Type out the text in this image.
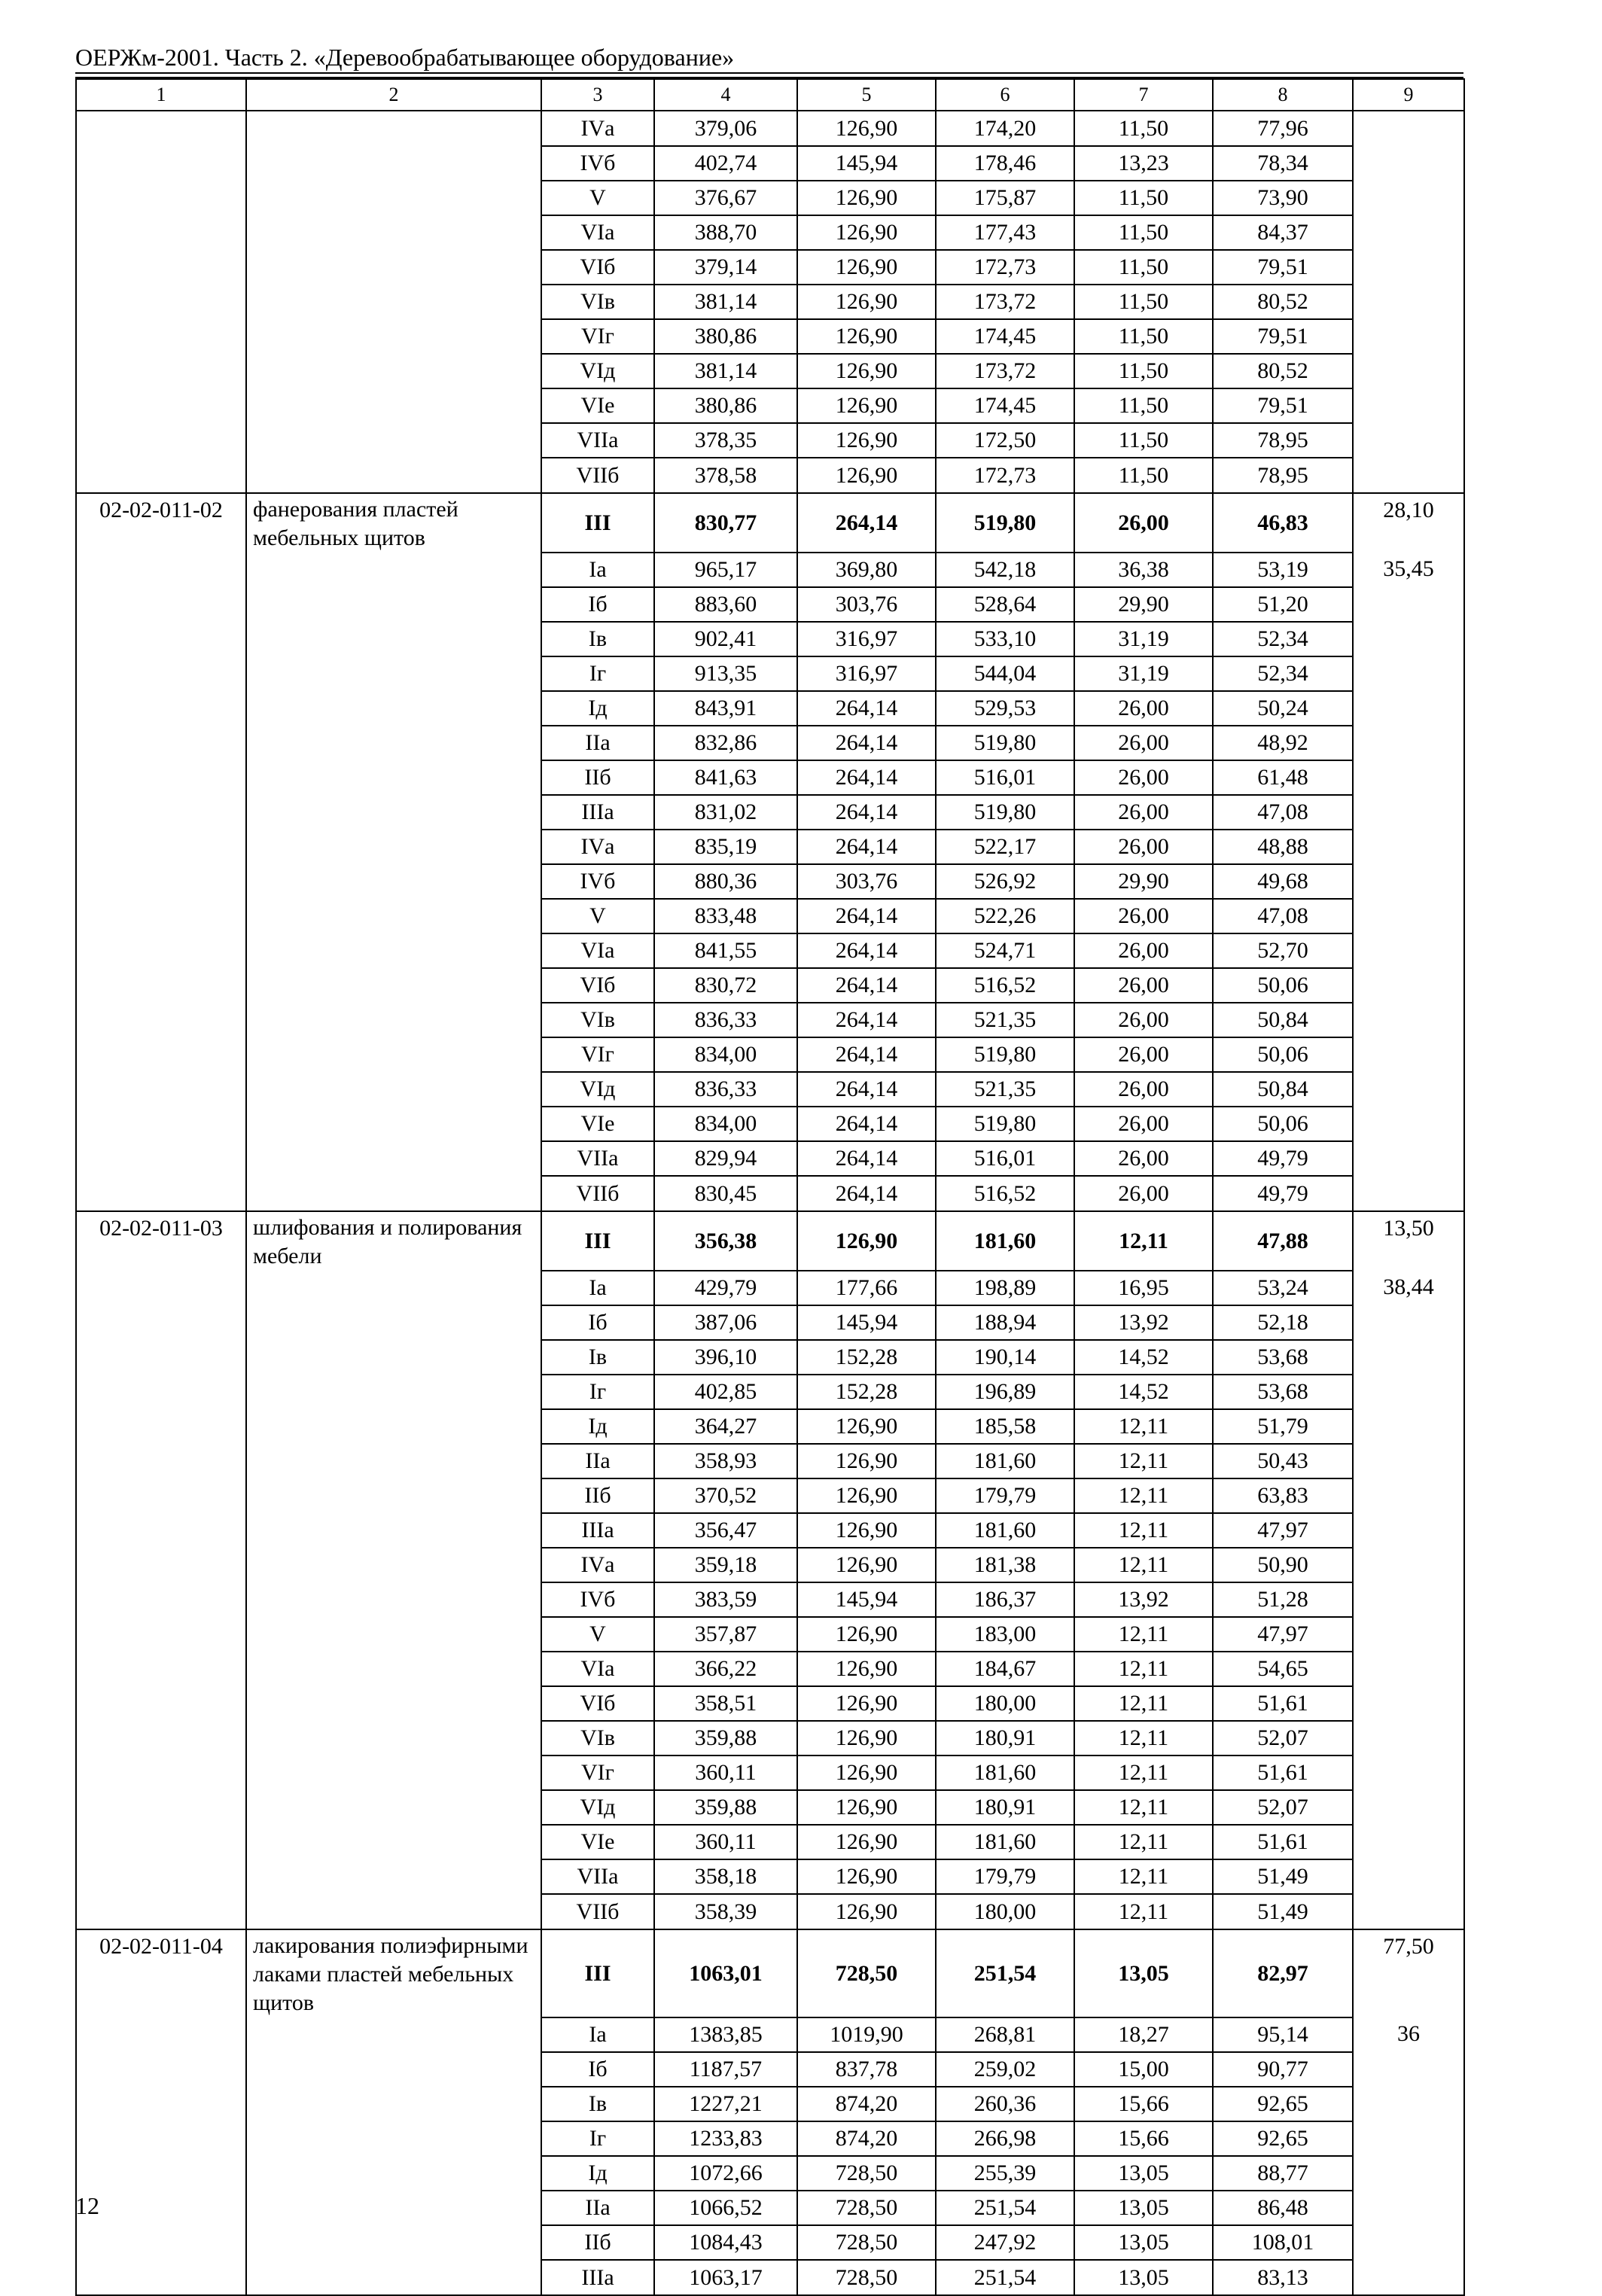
ОЕРЖм-2001. Часть 2. «Деревообрабатывающее оборудование»
1	2	3	4	5	6	7	8	9
		IVа	379,06	126,90	174,20	11,50	77,96	
		IVб	402,74	145,94	178,46	13,23	78,34	
		V	376,67	126,90	175,87	11,50	73,90	
		VIа	388,70	126,90	177,43	11,50	84,37	
		VIб	379,14	126,90	172,73	11,50	79,51	
		VIв	381,14	126,90	173,72	11,50	80,52	
		VIг	380,86	126,90	174,45	11,50	79,51	
		VIд	381,14	126,90	173,72	11,50	80,52	
		VIе	380,86	126,90	174,45	11,50	79,51	
		VIIа	378,35	126,90	172,50	11,50	78,95	
		VIIб	378,58	126,90	172,73	11,50	78,95	
02-02-011-02	фанерования пластей мебельных щитов	III	830,77	264,14	519,80	26,00	46,83	28,10
		Iа	965,17	369,80	542,18	36,38	53,19	35,45
		Iб	883,60	303,76	528,64	29,90	51,20	
		Iв	902,41	316,97	533,10	31,19	52,34	
		Iг	913,35	316,97	544,04	31,19	52,34	
		Iд	843,91	264,14	529,53	26,00	50,24	
		IIа	832,86	264,14	519,80	26,00	48,92	
		IIб	841,63	264,14	516,01	26,00	61,48	
		IIIа	831,02	264,14	519,80	26,00	47,08	
		IVа	835,19	264,14	522,17	26,00	48,88	
		IVб	880,36	303,76	526,92	29,90	49,68	
		V	833,48	264,14	522,26	26,00	47,08	
		VIа	841,55	264,14	524,71	26,00	52,70	
		VIб	830,72	264,14	516,52	26,00	50,06	
		VIв	836,33	264,14	521,35	26,00	50,84	
		VIг	834,00	264,14	519,80	26,00	50,06	
		VIд	836,33	264,14	521,35	26,00	50,84	
		VIе	834,00	264,14	519,80	26,00	50,06	
		VIIа	829,94	264,14	516,01	26,00	49,79	
		VIIб	830,45	264,14	516,52	26,00	49,79	
02-02-011-03	шлифования и полирования мебели	III	356,38	126,90	181,60	12,11	47,88	13,50
		Iа	429,79	177,66	198,89	16,95	53,24	38,44
		Iб	387,06	145,94	188,94	13,92	52,18	
		Iв	396,10	152,28	190,14	14,52	53,68	
		Iг	402,85	152,28	196,89	14,52	53,68	
		Iд	364,27	126,90	185,58	12,11	51,79	
		IIа	358,93	126,90	181,60	12,11	50,43	
		IIб	370,52	126,90	179,79	12,11	63,83	
		IIIа	356,47	126,90	181,60	12,11	47,97	
		IVа	359,18	126,90	181,38	12,11	50,90	
		IVб	383,59	145,94	186,37	13,92	51,28	
		V	357,87	126,90	183,00	12,11	47,97	
		VIа	366,22	126,90	184,67	12,11	54,65	
		VIб	358,51	126,90	180,00	12,11	51,61	
		VIв	359,88	126,90	180,91	12,11	52,07	
		VIг	360,11	126,90	181,60	12,11	51,61	
		VIд	359,88	126,90	180,91	12,11	52,07	
		VIе	360,11	126,90	181,60	12,11	51,61	
		VIIа	358,18	126,90	179,79	12,11	51,49	
		VIIб	358,39	126,90	180,00	12,11	51,49	
02-02-011-04	лакирования полиэфирными лаками пластей мебельных щитов	III	1063,01	728,50	251,54	13,05	82,97	77,50
		Iа	1383,85	1019,90	268,81	18,27	95,14	36
		Iб	1187,57	837,78	259,02	15,00	90,77	
		Iв	1227,21	874,20	260,36	15,66	92,65	
		Iг	1233,83	874,20	266,98	15,66	92,65	
		Iд	1072,66	728,50	255,39	13,05	88,77	
		IIа	1066,52	728,50	251,54	13,05	86,48	
		IIб	1084,43	728,50	247,92	13,05	108,01	
		IIIа	1063,17	728,50	251,54	13,05	83,13	
12
